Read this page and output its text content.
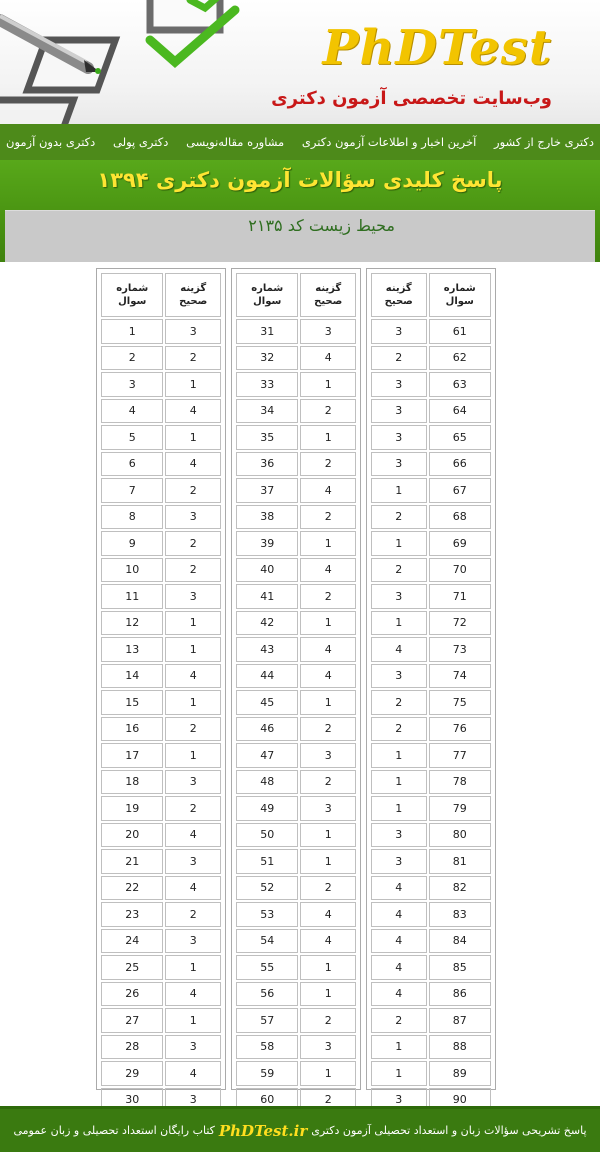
PhDTest
وب‌سایت تخصصی آزمون دکتری
دکتری بدون آزمون دکتری پولی مشاوره مقاله‌نویسی آخرین اخبار و اطلاعات آزمون دکتری دکتری خارج از کشور
پاسخ کلیدی سؤالات آزمون دکتری ۱۳۹۴
محیط زیست کد ۲۱۳۵
شماره
سوال	گزینه
صحیح

1	3
2	2
3	1
4	4
5	1
6	4
7	2
8	3
9	2
10	2
11	3
12	1
13	1
14	4
15	1
16	2
17	1
18	3
19	2
20	4
21	3
22	4
23	2
24	3
25	1
26	4
27	1
28	3
29	4
30	3
شماره
سوال	گزینه
صحیح

31	3
32	4
33	1
34	2
35	1
36	2
37	4
38	2
39	1
40	4
41	2
42	1
43	4
44	4
45	1
46	2
47	3
48	2
49	3
50	1
51	1
52	2
53	4
54	4
55	1
56	1
57	2
58	3
59	1
60	2
گزینه
صحیح	شماره
سوال

3	61
2	62
3	63
3	64
3	65
3	66
1	67
2	68
1	69
2	70
3	71
1	72
4	73
3	74
2	75
2	76
1	77
1	78
1	79
3	80
3	81
4	82
4	83
4	84
4	85
4	86
2	87
1	88
1	89
3	90
پاسخ تشریحی سؤالات زبان و استعداد تحصیلی آزمون دکتری
PhDTest.ir
کتاب رایگان استعداد تحصیلی و زبان عمومی
